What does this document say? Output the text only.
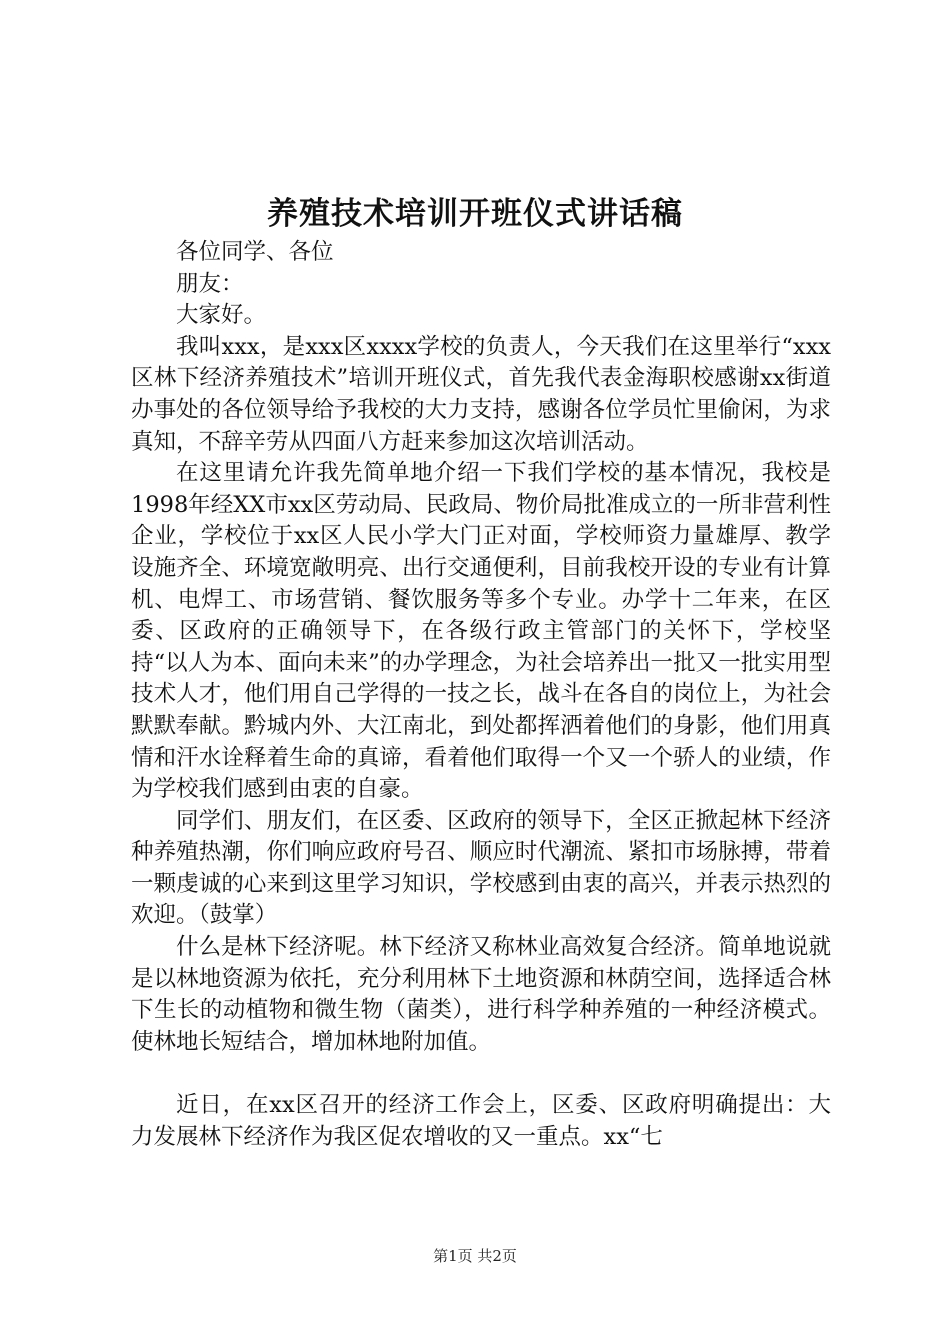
养殖技术培训开班仪式讲话稿

各位同学、各位

朋友：

大家好。

我叫xxx，是xxx区xxxx学校的负责人，今天我们在这里举行“xxx区林下经济养殖技术”培训开班仪式，首先我代表金海职校感谢xx街道办事处的各位领导给予我校的大力支持，感谢各位学员忙里偷闲，为求真知，不辞辛劳从四面八方赶来参加这次培训活动。

在这里请允许我先简单地介绍一下我们学校的基本情况，我校是1998年经XX市xx区劳动局、民政局、物价局批准成立的一所非营利性企业，学校位于xx区人民小学大门正对面，学校师资力量雄厚、教学设施齐全、环境宽敞明亮、出行交通便利，目前我校开设的专业有计算机、电焊工、市场营销、餐饮服务等多个专业。办学十二年来，在区委、区政府的正确领导下，在各级行政主管部门的关怀下，学校坚持“以人为本、面向未来”的办学理念，为社会培养出一批又一批实用型技术人才，他们用自己学得的一技之长，战斗在各自的岗位上，为社会默默奉献。黔城内外、大江南北，到处都挥洒着他们的身影，他们用真情和汗水诠释着生命的真谛，看着他们取得一个又一个骄人的业绩，作为学校我们感到由衷的自豪。

同学们、朋友们，在区委、区政府的领导下，全区正掀起林下经济种养殖热潮，你们响应政府号召、顺应时代潮流、紧扣市场脉搏，带着一颗虔诚的心来到这里学习知识，学校感到由衷的高兴，并表示热烈的欢迎。（鼓掌）

什么是林下经济呢。林下经济又称林业高效复合经济。简单地说就是以林地资源为依托，充分利用林下土地资源和林荫空间，选择适合林下生长的动植物和微生物（菌类），进行科学种养殖的一种经济模式。使林地长短结合，增加林地附加值。

近日，在xx区召开的经济工作会上，区委、区政府明确提出：大力发展林下经济作为我区促农增收的又一重点。xx“七

第1页 共2页
